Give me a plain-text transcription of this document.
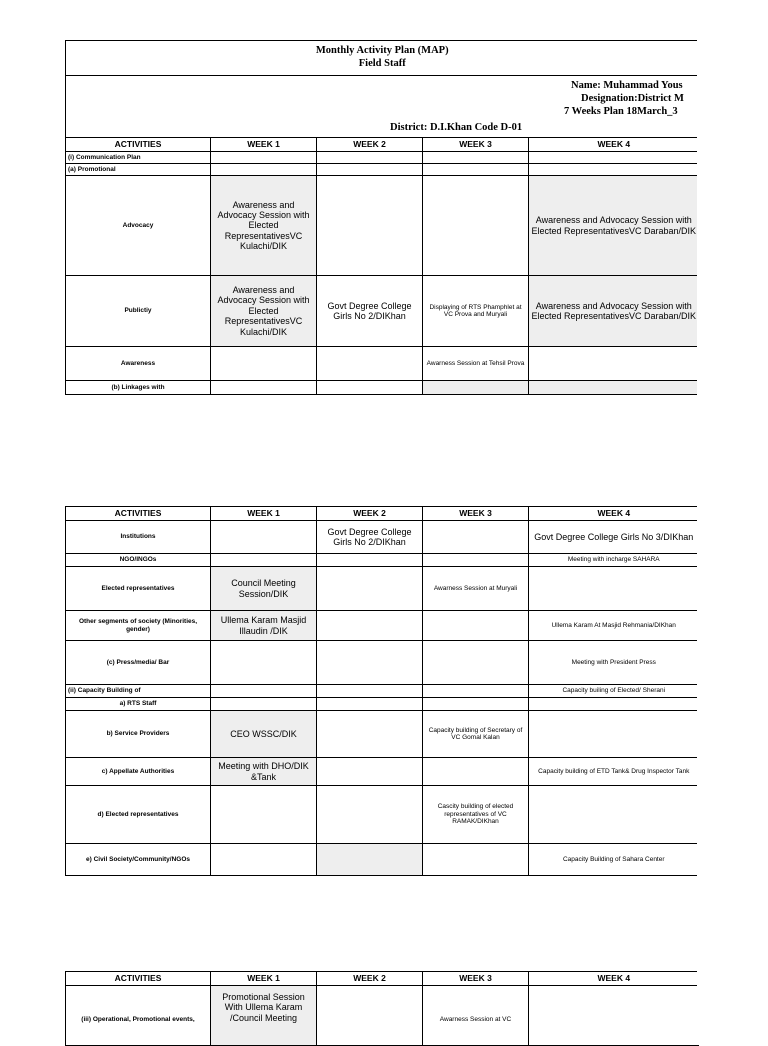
Monthly Activity Plan (MAP)
Field Staff

Name: Muhammad Yous
Designation:District M
7 Weeks Plan 18March_3
District: D.I.Khan Code D-01
ACTIVITIES	WEEK 1	WEEK 2	WEEK 3	WEEK 4
(i) Communication Plan				
(a) Promotional				
Advocacy	Awareness and Advocacy Session with Elected RepresentativesVC Kulachi/DIK			Awareness and Advocacy Session with Elected RepresentativesVC Daraban/DIK
Publictiy	Awareness and Advocacy Session with Elected RepresentativesVC Kulachi/DIK	Govt Degree College Girls No 2/DIKhan	Displaying of RTS Phamphlet at VC Prova and Muryali	Awareness and Advocacy Session with Elected RepresentativesVC Daraban/DIK
Awareness			Awarness Session at Tehsil Prova	
(b) Linkages with				
ACTIVITIES	WEEK 1	WEEK 2	WEEK 3	WEEK 4
Institutions		Govt Degree College Girls No 2/DIKhan		Govt Degree College Girls No 3/DIKhan
NGO/INGOs				Meeting with incharge SAHARA
Elected representatives	Council Meeting Session/DIK		Awarness Session at Muryali	
Other segments of society (Minorities, gender)	Ullema Karam Masjid Illaudin /DIK			Ullema Karam At Masjid Rehmania/DIKhan
(c) Press/media/ Bar				Meeting with President Press
(ii) Capacity Building of				Capacity builing of Elected/ Sherani
a) RTS Staff				
b) Service Providers	CEO WSSC/DIK		Capacity building of Secretary of VC Gomal Kalan	
c) Appellate Authorities	Meeting with DHO/DIK &Tank			Capacity building of ETD Tank& Drug Inspector Tank
d) Elected representatives			Cascity building of elected representatives of VC RAMAK/DIKhan	
e) Civil Society/Community/NGOs				Capacity Building of Sahara Center
ACTIVITIES	WEEK 1	WEEK 2	WEEK 3	WEEK 4
(iii) Operational, Promotional events,	Promotional Session With Ullema Karam /Council Meeting		Awarness Session at VC	
